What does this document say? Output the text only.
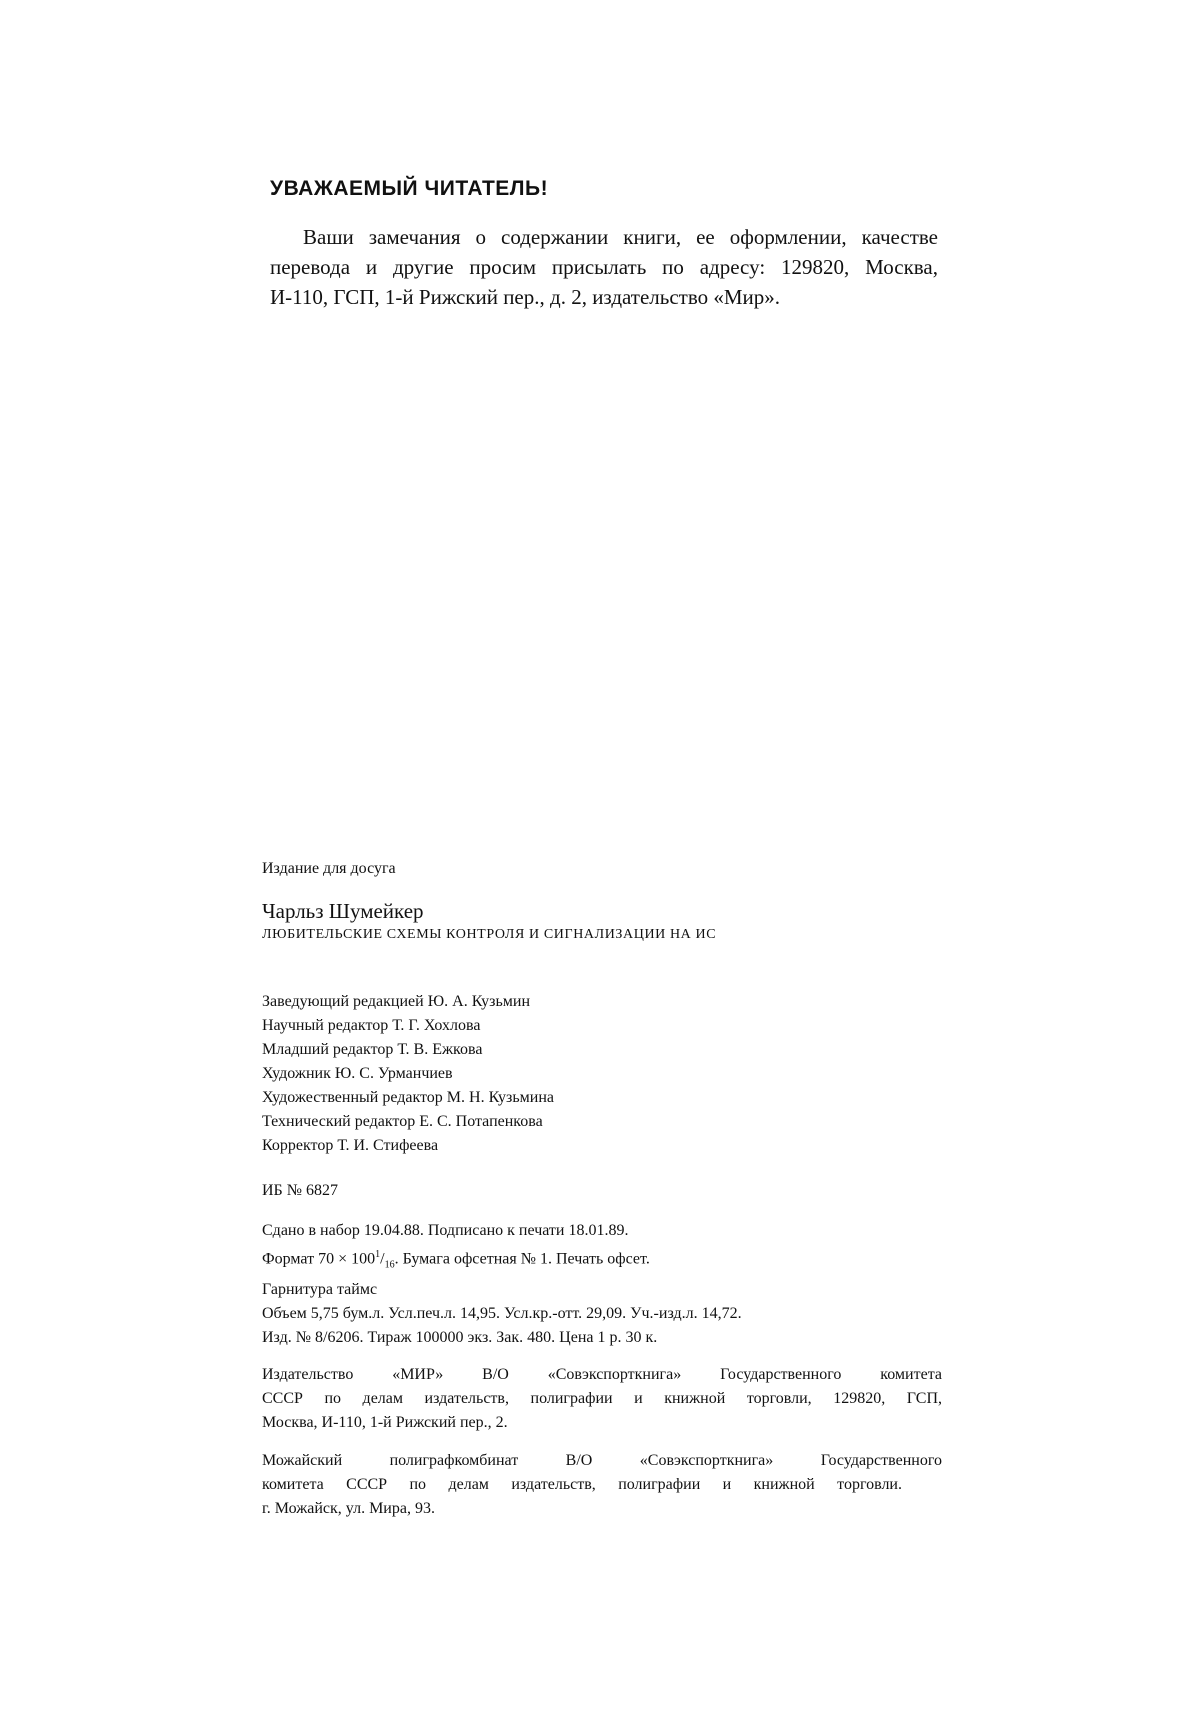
УВАЖАЕМЫЙ ЧИТАТЕЛЬ!
Ваши замечания о содержании книги, ее оформлении, качестве
перевода и другие просим присылать по адресу: 129820, Москва,
И-110, ГСП, 1-й Рижский пер., д. 2, издательство «Мир».
Издание для досуга
Чарльз Шумейкер
ЛЮБИТЕЛЬСКИЕ СХЕМЫ КОНТРОЛЯ И СИГНАЛИЗАЦИИ НА ИС
Заведующий редакцией Ю. А. Кузьмин
Научный редактор Т. Г. Хохлова
Младший редактор Т. В. Ежкова
Художник Ю. С. Урманчиев
Художественный редактор М. Н. Кузьмина
Технический редактор Е. С. Потапенкова
Корректор Т. И. Стифеева
ИБ № 6827
Сдано в набор 19.04.88. Подписано к печати 18.01.89.
Формат $70 \times 100^1/_{16}$. Бумага офсетная № 1. Печать офсет.
Гарнитура таймс
Объем 5,75 бум.л. Усл.печ.л. 14,95. Усл.кр.-отт. 29,09. Уч.-изд.л. 14,72.
Изд. № 8/6206. Тираж 100000 экз. Зак. 480. Цена 1 р. 30 к.
Издательство «МИР» В/О «Совэкспорткнига» Государственного комитета
СССР по делам издательств, полиграфии и книжной торговли, 129820, ГСП,
Москва, И-110, 1-й Рижский пер., 2.
Можайский полиграфкомбинат В/О «Совэкспорткнига» Государственного
комитета СССР по делам издательств, полиграфии и книжной торговли.
г. Можайск, ул. Мира, 93.
